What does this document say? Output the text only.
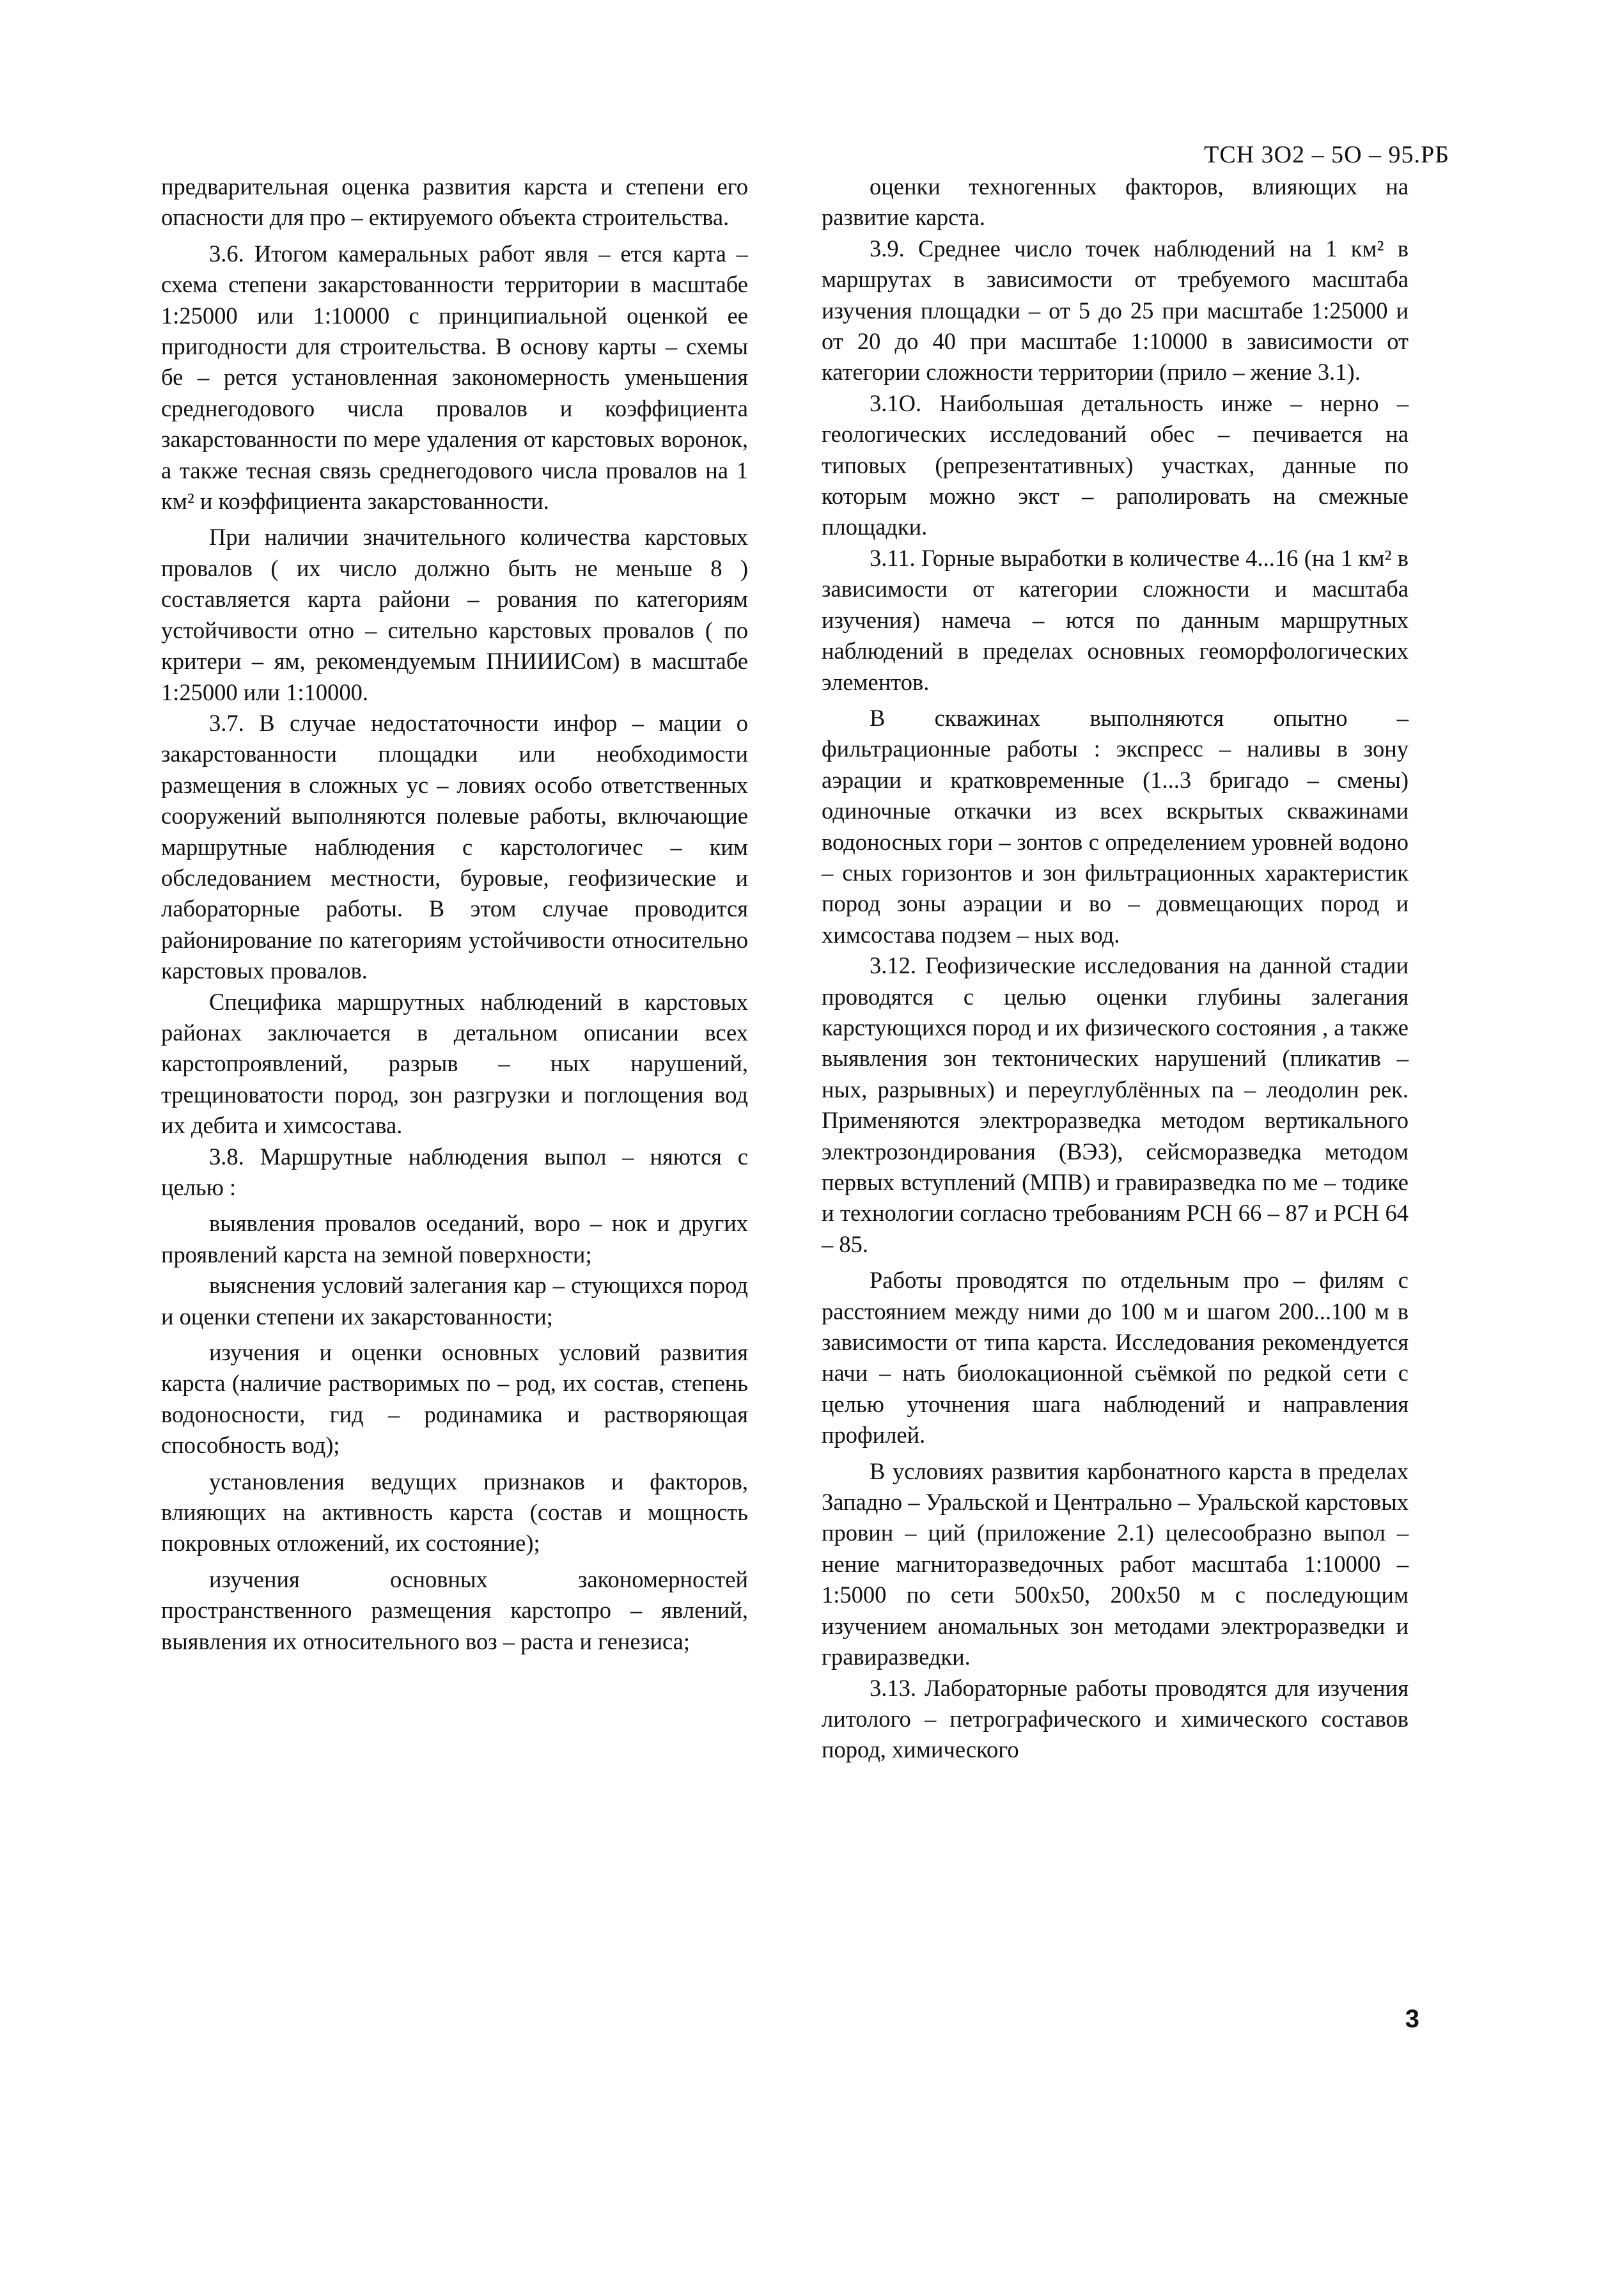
ТСН 3О2 – 5О – 95.РБ

предварительная оценка развития карста и степени его опасности для про – ектируемого объекта строительства.

3.6. Итогом камеральных работ явля – ется карта – схема степени закарстованности территории в масштабе 1:25000 или 1:10000 с принципиальной оценкой ее пригодности для строительства. В основу карты – схемы бе – рется установленная закономерность уменьшения среднегодового числа провалов и коэффициента закарстованности по мере удаления от карстовых воронок, а также тесная связь среднегодового числа провалов на 1 км² и коэффициента закарстованности.

При наличии значительного количества карстовых провалов ( их число должно быть не меньше 8 ) составляется карта райони – рования по категориям устойчивости отно – сительно карстовых провалов ( по критери – ям, рекомендуемым ПНИИИСом) в масштабе 1:25000 или 1:10000.

3.7. В случае недостаточности инфор – мации о закарстованности площадки или необходимости размещения в сложных ус – ловиях особо ответственных сооружений выполняются полевые работы, включающие маршрутные наблюдения с карстологичес – ким обследованием местности, буровые, геофизические и лабораторные работы. В этом случае проводится районирование по категориям устойчивости относительно карстовых провалов.

Специфика маршрутных наблюдений в карстовых районах заключается в детальном описании всех карстопроявлений, разрыв – ных нарушений, трещиноватости пород, зон разгрузки и поглощения вод их дебита и химсостава.

3.8. Маршрутные наблюдения выпол – няются с целью :

выявления провалов оседаний, воро – нок и других проявлений карста на земной поверхности;

выяснения условий залегания кар – стующихся пород и оценки степени их закарстованности;

изучения и оценки основных условий развития карста (наличие растворимых по – род, их состав, степень водоносности, гид – родинамика и растворяющая способность вод);

установления ведущих признаков и факторов, влияющих на активность карста (состав и мощность покровных отложений, их состояние);

изучения основных закономерностей пространственного размещения карстопро – явлений, выявления их относительного воз – раста и генезиса;

оценки техногенных факторов, влияющих на развитие карста.

3.9. Среднее число точек наблюдений на 1 км² в маршрутах в зависимости от требуемого масштаба изучения площадки – от 5 до 25 при масштабе 1:25000 и от 20 до 40 при масштабе 1:10000 в зависимости от категории сложности территории (прило – жение 3.1).

3.1О. Наибольшая детальность инже – нерно – геологических исследований обес – печивается на типовых (репрезентативных) участках, данные по которым можно экст – раполировать на смежные площадки.

3.11. Горные выработки в количестве 4...16 (на 1 км² в зависимости от категории сложности и масштаба изучения) намеча – ются по данным маршрутных наблюдений в пределах основных геоморфологических элементов.

В скважинах выполняются опытно – фильтрационные работы : экспресс – наливы в зону аэрации и кратковременные (1...3 бригадо – смены) одиночные откачки из всех вскрытых скважинами водоносных гори – зонтов с определением уровней водоно – сных горизонтов и зон фильтрационных характеристик пород зоны аэрации и во – довмещающих пород и химсостава подзем – ных вод.

3.12. Геофизические исследования на данной стадии проводятся с целью оценки глубины залегания карстующихся пород и их физического состояния , а также выявления зон тектонических нарушений (пликатив – ных, разрывных) и переуглублённых па – леодолин рек. Применяются электроразведка методом вертикального электрозондирования (ВЭЗ), сейсморазведка методом первых вступлений (МПВ) и гравиразведка по ме – тодике и технологии согласно требованиям РСН 66 – 87 и РСН 64 – 85.

Работы проводятся по отдельным про – филям с расстоянием между ними до 100 м и шагом 200...100 м в зависимости от типа карста. Исследования рекомендуется начи – нать биолокационной съёмкой по редкой сети с целью уточнения шага наблюдений и направления профилей.

В условиях развития карбонатного карста в пределах Западно – Уральской и Центрально – Уральской карстовых провин – ций (приложение 2.1) целесообразно выпол – нение магниторазведочных работ масштаба 1:10000 – 1:5000 по сети 500х50, 200х50 м с последующим изучением аномальных зон методами электроразведки и гравиразведки.

3.13. Лабораторные работы проводятся для изучения литолого – петрографического и химического составов пород, химического

3
